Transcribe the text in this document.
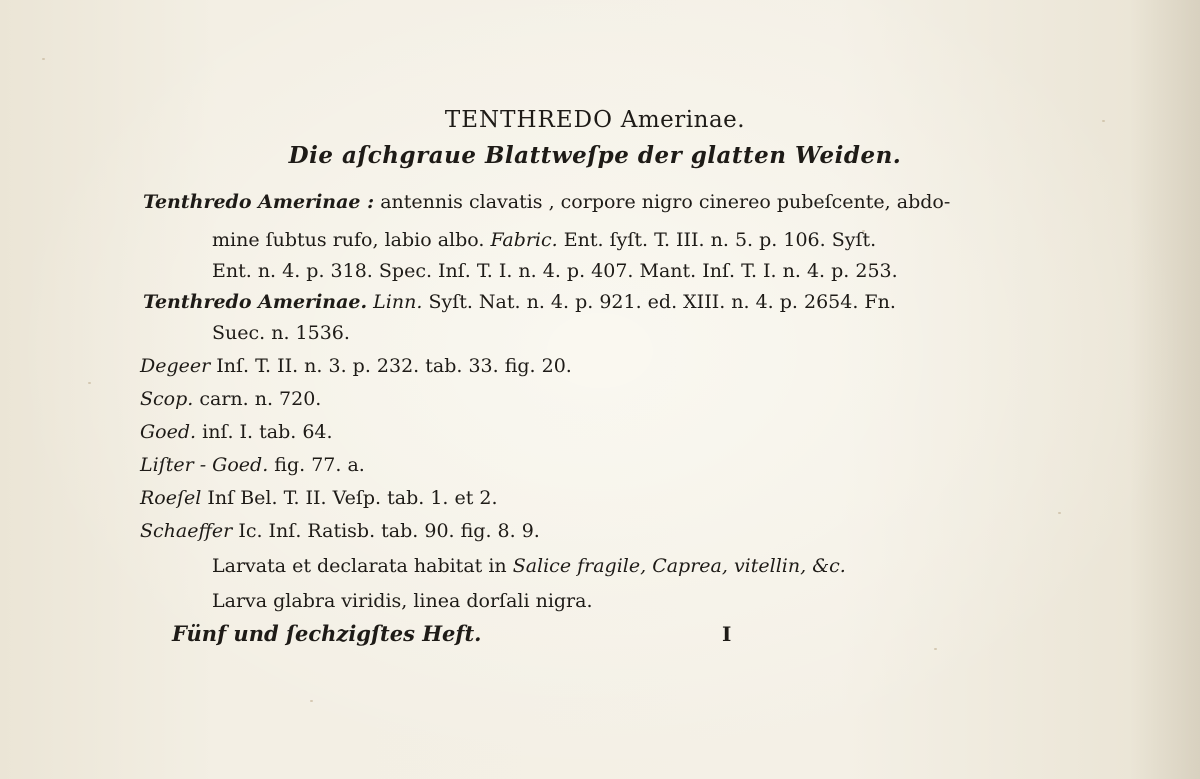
TENTHREDO Amerinae.
Die aſchgraue Blattweſpe der glatten Weiden.
Tenthredo Amerinae : antennis clavatis , corpore nigro cinereo pubeſcente, abdo-
mine ſubtus rufo, labio albo. Fabric. Ent. ſyſt. T. III. n. 5. p. 106. Syſt.
Ent. n. 4. p. 318. Spec. Inſ. T. I. n. 4. p. 407. Mant. Inſ. T. I. n. 4. p. 253.
Tenthredo Amerinae. Linn. Syſt. Nat. n. 4. p. 921. ed. XIII. n. 4. p. 2654. Fn.
Suec. n. 1536.
Degeer Inſ. T. II. n. 3. p. 232. tab. 33. fig. 20.
Scop. carn. n. 720.
Goed. inſ. I. tab. 64.
Liſter - Goed. fig. 77. a.
Roeſel Inſ Bel. T. II. Veſp. tab. 1. et 2.
Schaeffer Ic. Inſ. Ratisb. tab. 90. fig. 8. 9.
Larvata et declarata habitat in Salice fragile, Caprea, vitellin, &c.
Larva glabra viridis, linea dorſali nigra.
Fünf und ſechzigſtes Heft.	I
